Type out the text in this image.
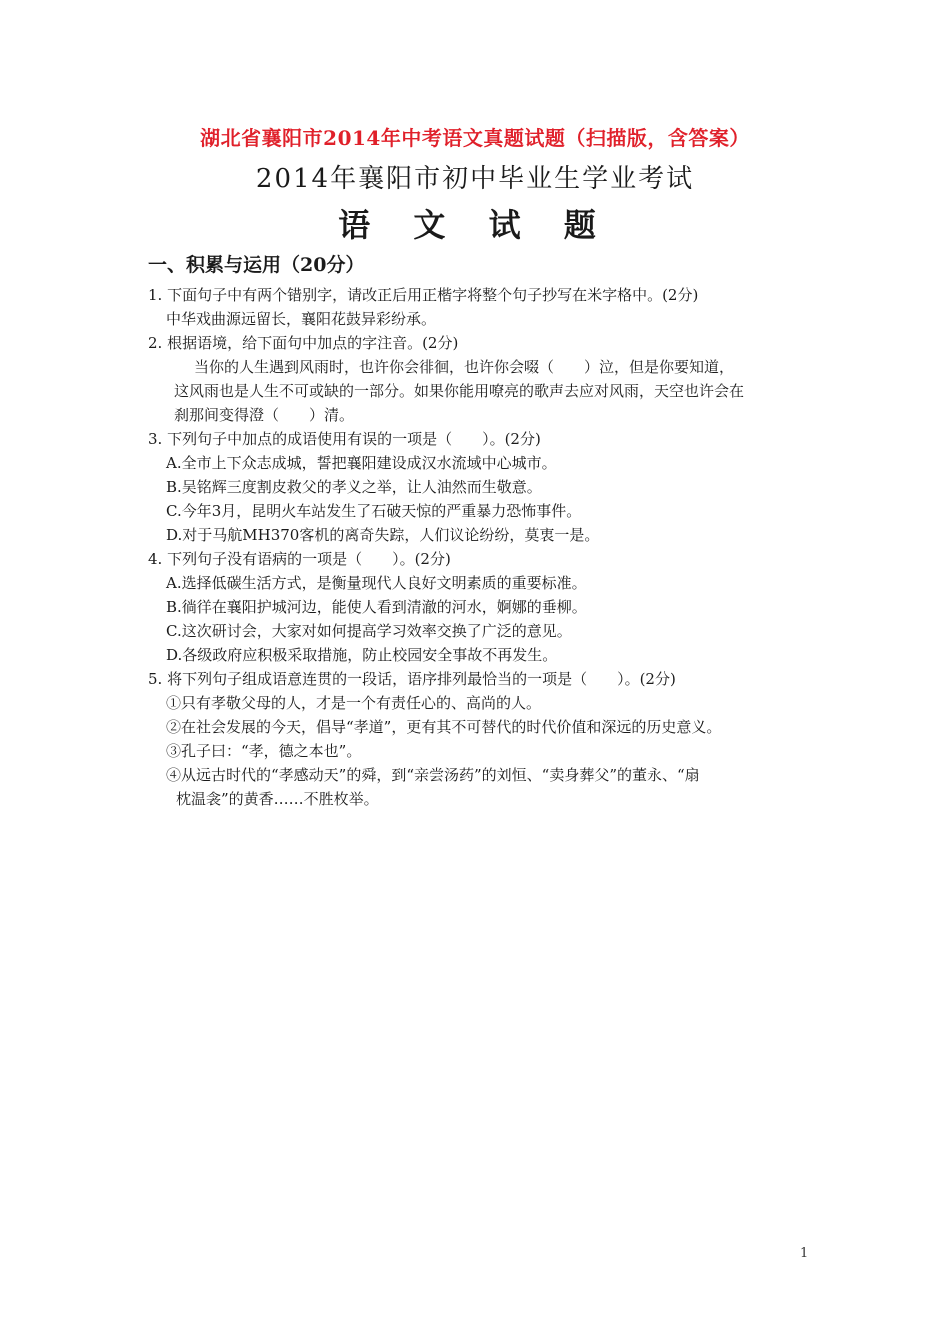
湖北省襄阳市2014年中考语文真题试题（扫描版，含答案）
2014年襄阳市初中毕业生学业考试
语 文 试 题
一、积累与运用（20分）
1. 下面句子中有两个错别字，请改正后用正楷字将整个句子抄写在米字格中。(2分)
中华戏曲源远留长，襄阳花鼓异彩纷承。
2. 根据语境，给下面句中加点的字注音。(2分)
当你的人生遇到风雨时，也许你会徘徊，也许你会啜（　　）泣，但是你要知道，
这风雨也是人生不可或缺的一部分。如果你能用嘹亮的歌声去应对风雨，天空也许会在
刹那间变得澄（　　）清。
3. 下列句子中加点的成语使用有误的一项是（　　）。(2分)
A.全市上下众志成城，誓把襄阳建设成汉水流域中心城市。
B.吴铭辉三度割皮救父的孝义之举，让人油然而生敬意。
C.今年3月，昆明火车站发生了石破天惊的严重暴力恐怖事件。
D.对于马航MH370客机的离奇失踪，人们议论纷纷，莫衷一是。
4. 下列句子没有语病的一项是（　　）。(2分)
A.选择低碳生活方式，是衡量现代人良好文明素质的重要标准。
B.徜徉在襄阳护城河边，能使人看到清澈的河水，婀娜的垂柳。
C.这次研讨会，大家对如何提高学习效率交换了广泛的意见。
D.各级政府应积极采取措施，防止校园安全事故不再发生。
5. 将下列句子组成语意连贯的一段话，语序排列最恰当的一项是（　　）。(2分)
①只有孝敬父母的人，才是一个有责任心的、高尚的人。
②在社会发展的今天，倡导“孝道”，更有其不可替代的时代价值和深远的历史意义。
③孔子曰：“孝，德之本也”。
④从远古时代的“孝感动天”的舜，到“亲尝汤药”的刘恒、“卖身葬父”的董永、“扇
枕温衾”的黄香……不胜枚举。
1
